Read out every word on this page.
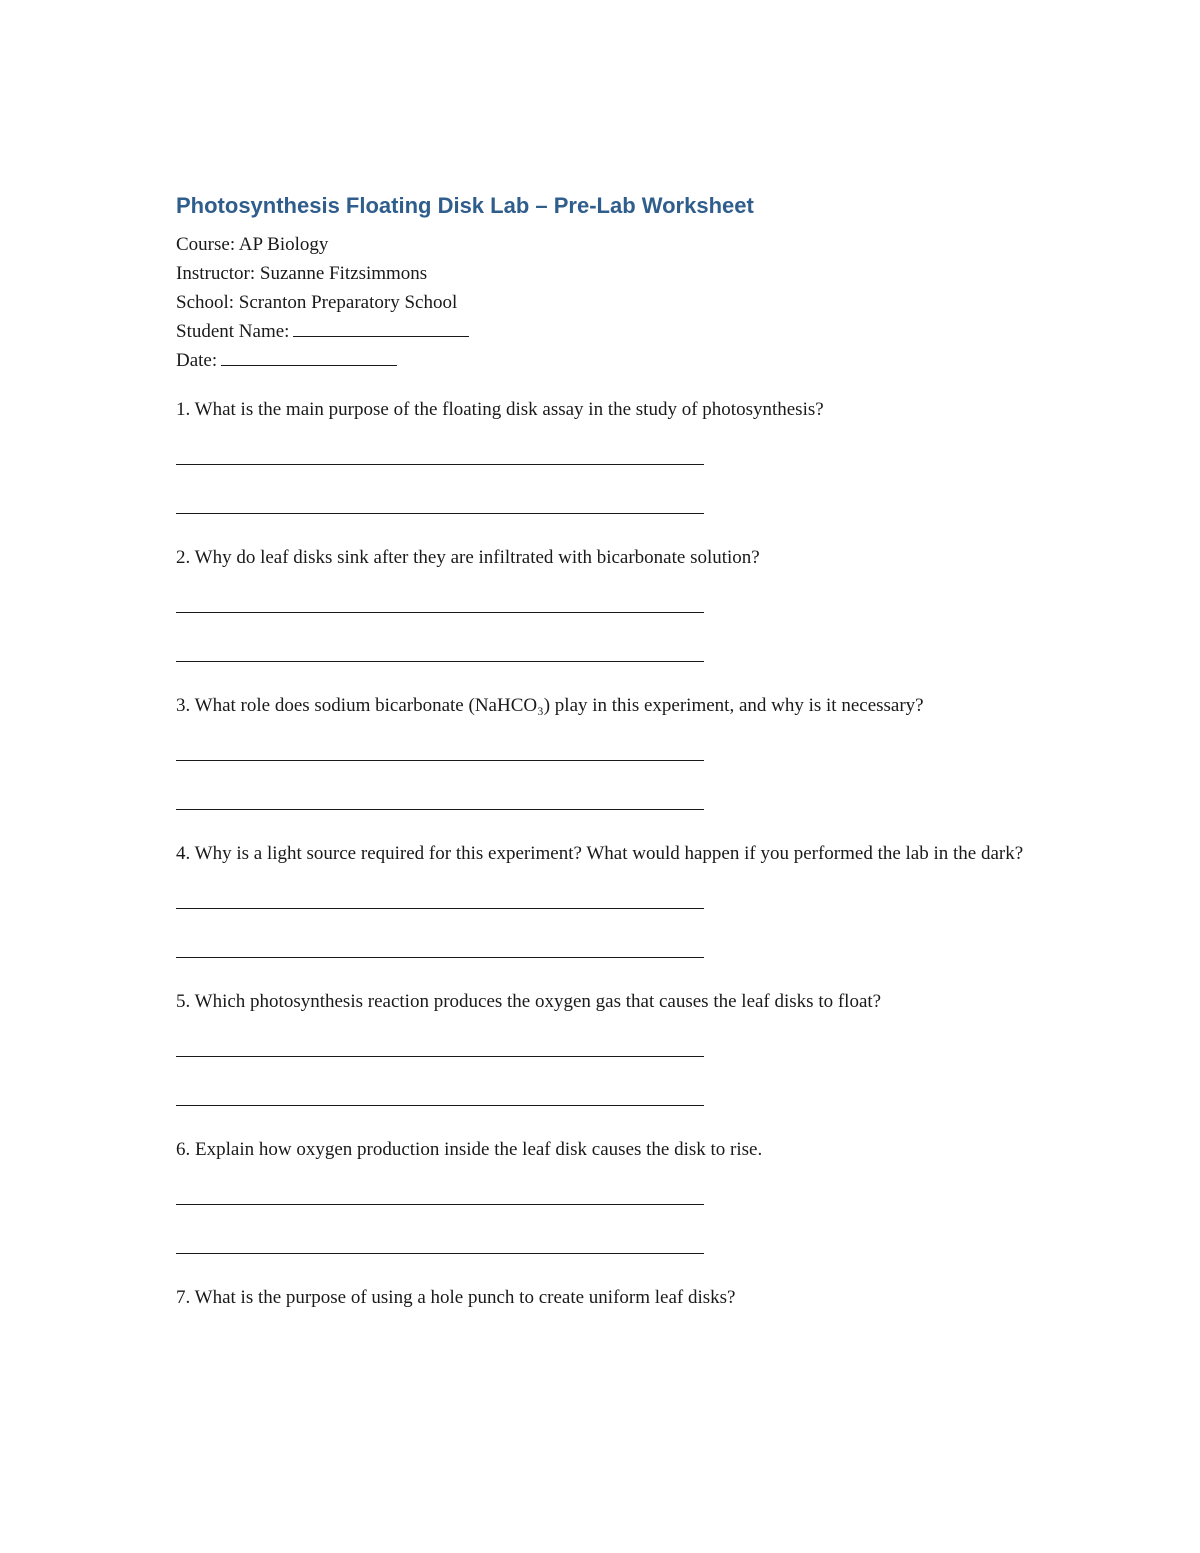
Photosynthesis Floating Disk Lab – Pre-Lab Worksheet

Course: AP Biology

Instructor: Suzanne Fitzsimmons

School: Scranton Preparatory School

Student Name:

Date:

1. What is the main purpose of the floating disk assay in the study of photosynthesis?

2. Why do leaf disks sink after they are infiltrated with bicarbonate solution?

3. What role does sodium bicarbonate (NaHCO₃) play in this experiment, and why is it necessary?

4. Why is a light source required for this experiment? What would happen if you performed the lab in the dark?

5. Which photosynthesis reaction produces the oxygen gas that causes the leaf disks to float?

6. Explain how oxygen production inside the leaf disk causes the disk to rise.

7. What is the purpose of using a hole punch to create uniform leaf disks?
